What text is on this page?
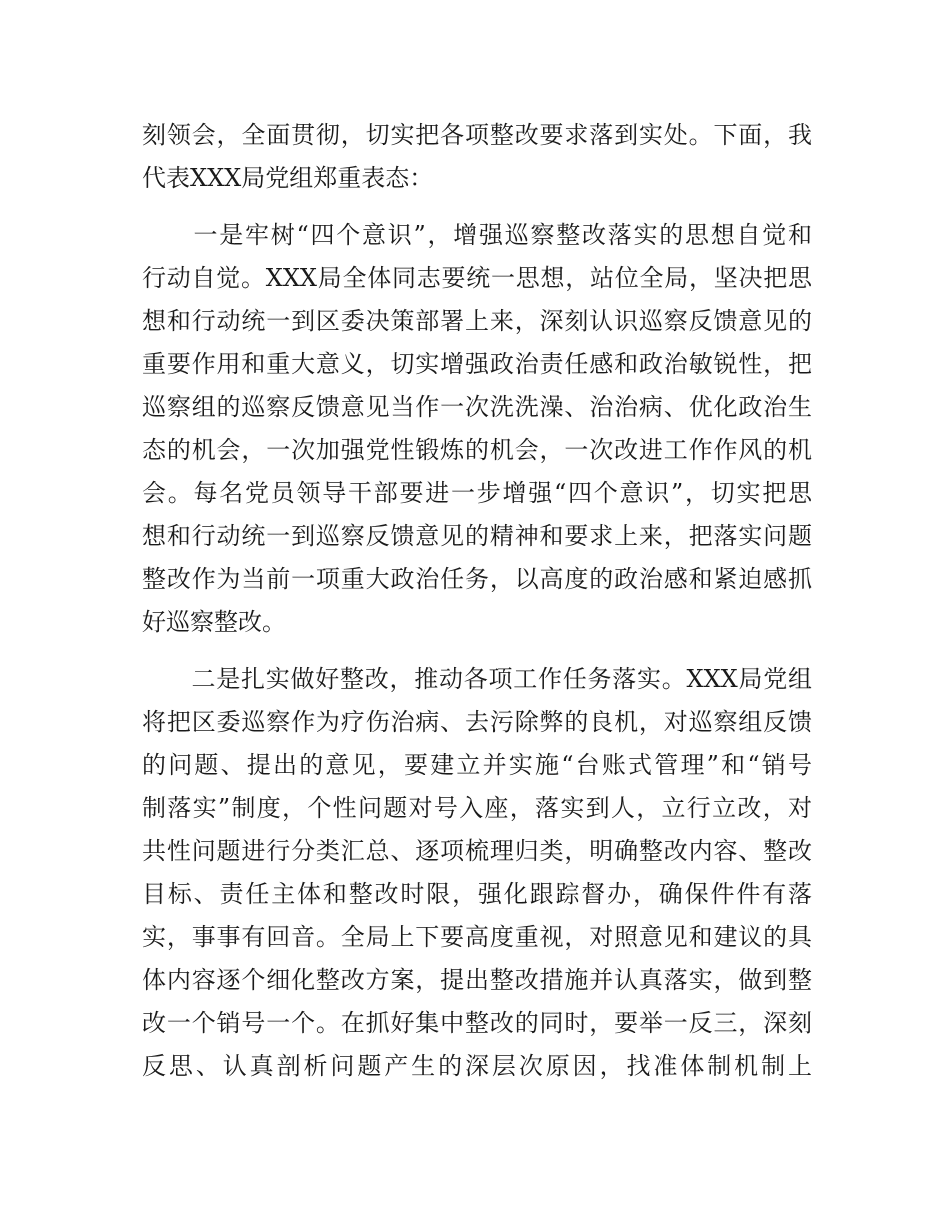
刻领会，全面贯彻，切实把各项整改要求落到实处。下面，我
代表XXX局党组郑重表态：
　　一是牢树“四个意识”，增强巡察整改落实的思想自觉和
行动自觉。XXX局全体同志要统一思想，站位全局，坚决把思
想和行动统一到区委决策部署上来，深刻认识巡察反馈意见的
重要作用和重大意义，切实增强政治责任感和政治敏锐性，把
巡察组的巡察反馈意见当作一次洗洗澡、治治病、优化政治生
态的机会，一次加强党性锻炼的机会，一次改进工作作风的机
会。每名党员领导干部要进一步增强“四个意识”，切实把思
想和行动统一到巡察反馈意见的精神和要求上来，把落实问题
整改作为当前一项重大政治任务，以高度的政治感和紧迫感抓
好巡察整改。
　　二是扎实做好整改，推动各项工作任务落实。XXX局党组
将把区委巡察作为疗伤治病、去污除弊的良机，对巡察组反馈
的问题、提出的意见，要建立并实施“台账式管理”和“销号
制落实”制度，个性问题对号入座，落实到人，立行立改，对
共性问题进行分类汇总、逐项梳理归类，明确整改内容、整改
目标、责任主体和整改时限，强化跟踪督办，确保件件有落
实，事事有回音。全局上下要高度重视，对照意见和建议的具
体内容逐个细化整改方案，提出整改措施并认真落实，做到整
改一个销号一个。在抓好集中整改的同时，要举一反三，深刻
反思、认真剖析问题产生的深层次原因，找准体制机制上
